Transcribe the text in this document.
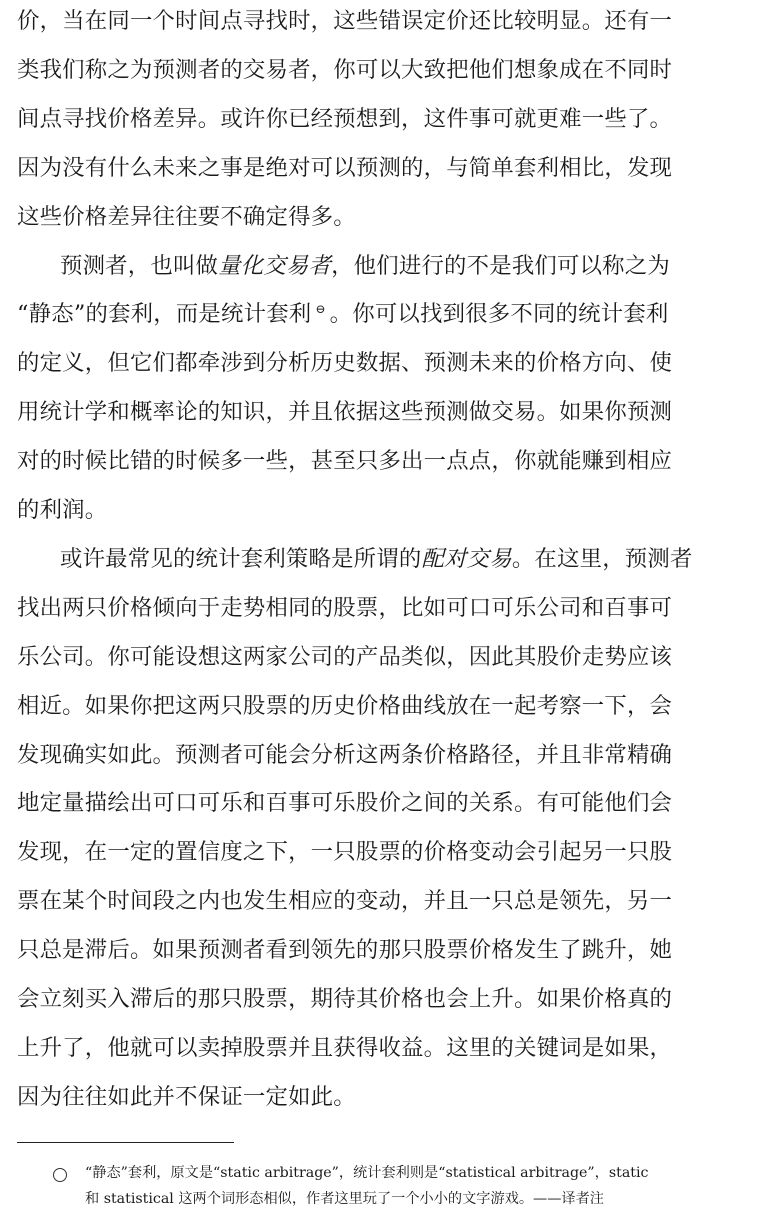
价，当在同一个时间点寻找时，这些错误定价还比较明显。还有一
类我们称之为预测者的交易者，你可以大致把他们想象成在不同时
间点寻找价格差异。或许你已经预想到，这件事可就更难一些了。
因为没有什么未来之事是绝对可以预测的，与简单套利相比，发现
这些价格差异往往要不确定得多。
预测者，也叫做量化交易者，他们进行的不是我们可以称之为
“静态”的套利，而是统计套利 ⊖ 。你可以找到很多不同的统计套利
的定义，但它们都牵涉到分析历史数据、预测未来的价格方向、使
用统计学和概率论的知识，并且依据这些预测做交易。如果你预测
对的时候比错的时候多一些，甚至只多出一点点，你就能赚到相应
的利润。
或许最常见的统计套利策略是所谓的配对交易。在这里，预测者
找出两只价格倾向于走势相同的股票，比如可口可乐公司和百事可
乐公司。你可能设想这两家公司的产品类似，因此其股价走势应该
相近。如果你把这两只股票的历史价格曲线放在一起考察一下，会
发现确实如此。预测者可能会分析这两条价格路径，并且非常精确
地定量描绘出可口可乐和百事可乐股价之间的关系。有可能他们会
发现，在一定的置信度之下，一只股票的价格变动会引起另一只股
票在某个时间段之内也发生相应的变动，并且一只总是领先，另一
只总是滞后。如果预测者看到领先的那只股票价格发生了跳升，她
会立刻买入滞后的那只股票，期待其价格也会上升。如果价格真的
上升了，他就可以卖掉股票并且获得收益。这里的关键词是如果，
因为往往如此并不保证一定如此。
“静态”套利，原文是“static arbitrage”，统计套利则是“statistical arbitrage”，static
和 statistical 这两个词形态相似，作者这里玩了一个小小的文字游戏。——译者注
